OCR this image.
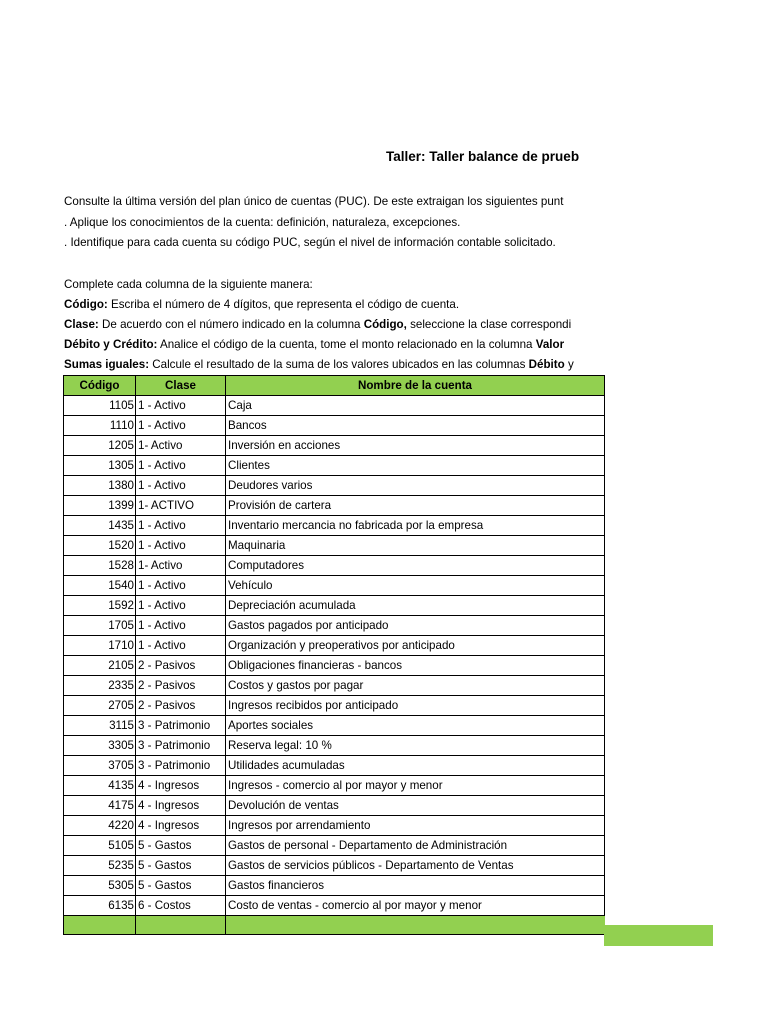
Taller: Taller balance de prueb
Consulte la última versión del plan único de cuentas (PUC). De este extraigan los siguientes punt
. Aplique los conocimientos de la cuenta: definición, naturaleza, excepciones.
. Identifique para cada cuenta su código PUC, según el nivel de información contable solicitado.
Complete cada columna de la siguiente manera:
Código: Escriba el número de 4 dígitos, que representa el código de cuenta.
Clase: De acuerdo con el número indicado en la columna Código, seleccione la clase correspondi
Débito y Crédito: Analice el código de la cuenta, tome el monto relacionado en la columna Valor
Sumas iguales: Calcule el resultado de la suma de los valores ubicados en las columnas Débito y
Código	Clase	Nombre de la cuenta
1105	1 - Activo	Caja
1110	1 - Activo	Bancos
1205	1- Activo	Inversión en acciones
1305	1 - Activo	Clientes
1380	1 - Activo	Deudores varios
1399	1- ACTIVO	Provisión de cartera
1435	1 - Activo	Inventario mercancia no fabricada por la empresa
1520	1 - Activo	Maquinaria
1528	1- Activo	Computadores
1540	1 - Activo	Vehículo
1592	1 - Activo	Depreciación acumulada
1705	1 - Activo	Gastos pagados por anticipado
1710	1 - Activo	Organización y preoperativos por anticipado
2105	2 - Pasivos	Obligaciones financieras - bancos
2335	2 - Pasivos	Costos y gastos por pagar
2705	2 - Pasivos	Ingresos recibidos por anticipado
3115	3 - Patrimonio	Aportes sociales
3305	3 - Patrimonio	Reserva legal: 10 %
3705	3 - Patrimonio	Utilidades acumuladas
4135	4 - Ingresos	Ingresos - comercio al por mayor y menor
4175	4 - Ingresos	Devolución de ventas
4220	4 - Ingresos	Ingresos por arrendamiento
5105	5 - Gastos	Gastos de personal - Departamento de Administración
5235	5 - Gastos	Gastos de servicios públicos - Departamento de Ventas
5305	5 - Gastos	Gastos financieros
6135	6 - Costos	Costo de ventas - comercio al por mayor y menor
